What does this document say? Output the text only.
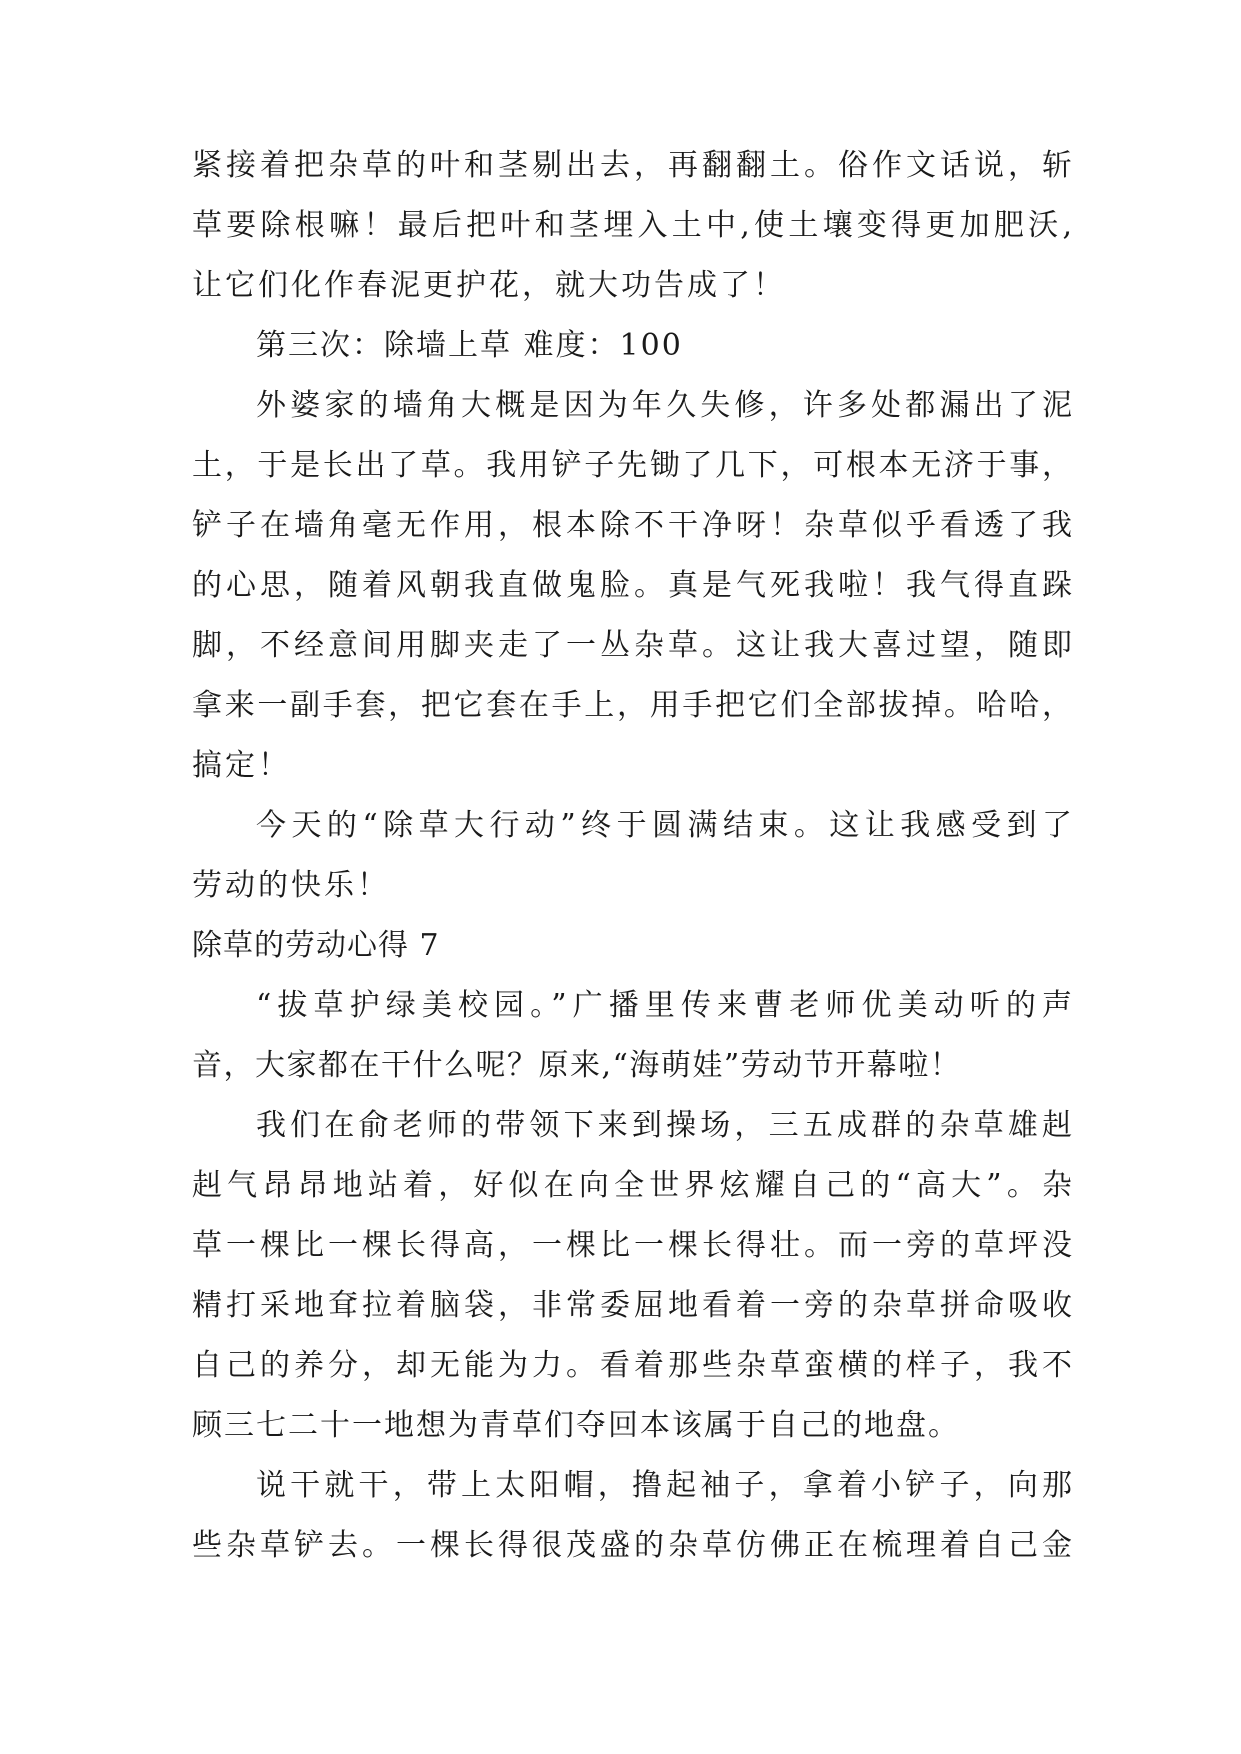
紧接着把杂草的叶和茎剔出去，再翻翻土。俗作文话说，斩
草要除根嘛！最后把叶和茎埋入土中,使土壤变得更加肥沃,
让它们化作春泥更护花，就大功告成了！
第三次：除墙上草 难度：100
外婆家的墙角大概是因为年久失修，许多处都漏出了泥
土，于是长出了草。我用铲子先锄了几下，可根本无济于事，
铲子在墙角毫无作用，根本除不干净呀！杂草似乎看透了我
的心思，随着风朝我直做鬼脸。真是气死我啦！我气得直跺
脚，不经意间用脚夹走了一丛杂草。这让我大喜过望，随即
拿来一副手套，把它套在手上，用手把它们全部拔掉。哈哈，
搞定！
今天的“除草大行动”终于圆满结束。这让我感受到了
劳动的快乐！
除草的劳动心得 7
“拔草护绿美校园。”广播里传来曹老师优美动听的声
音，大家都在干什么呢？原来,“海萌娃”劳动节开幕啦！
我们在俞老师的带领下来到操场，三五成群的杂草雄赳
赳气昂昂地站着，好似在向全世界炫耀自己的“高大”。杂
草一棵比一棵长得高，一棵比一棵长得壮。而一旁的草坪没
精打采地耷拉着脑袋，非常委屈地看着一旁的杂草拼命吸收
自己的养分，却无能为力。看着那些杂草蛮横的样子，我不
顾三七二十一地想为青草们夺回本该属于自己的地盘。
说干就干，带上太阳帽，撸起袖子，拿着小铲子，向那
些杂草铲去。一棵长得很茂盛的杂草仿佛正在梳理着自己金
